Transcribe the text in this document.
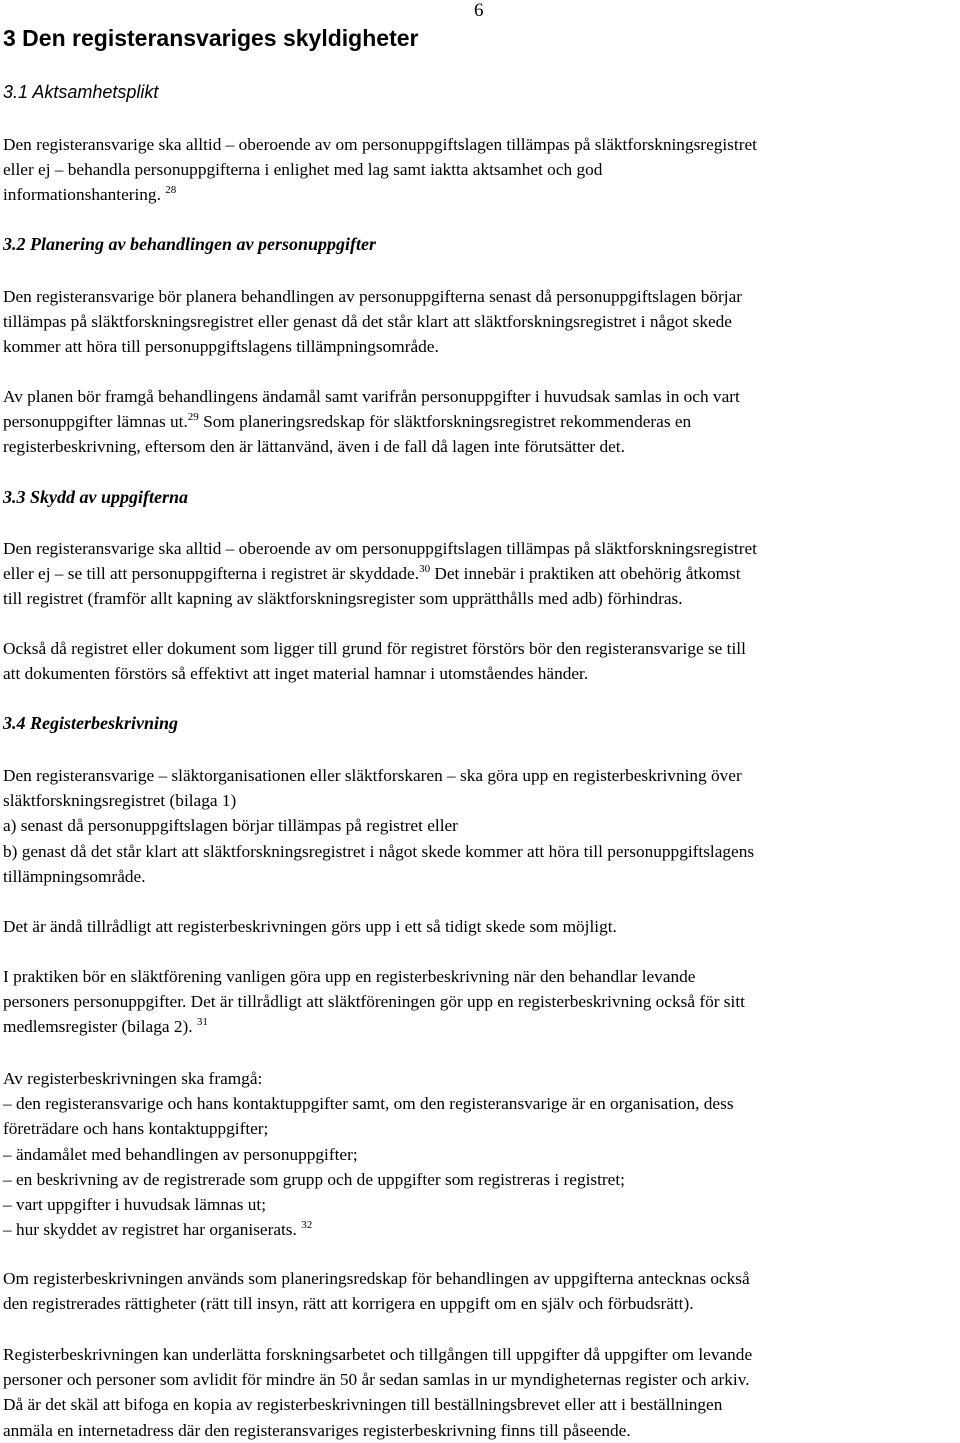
6
3 Den registeransvariges skyldigheter
3.1 Aktsamhetsplikt

Den registeransvarige ska alltid – oberoende av om personuppgiftslagen tillämpas på släktforskningsregistret
eller ej – behandla personuppgifterna i enlighet med lag samt iaktta aktsamhet och god
informationshantering. $^{28}$

3.2 Planering av behandlingen av personuppgifter

Den registeransvarige bör planera behandlingen av personuppgifterna senast då personuppgiftslagen börjar
tillämpas på släktforskningsregistret eller genast då det står klart att släktforskningsregistret i något skede
kommer att höra till personuppgiftslagens tillämpningsområde.

Av planen bör framgå behandlingens ändamål samt varifrån personuppgifter i huvudsak samlas in och vart
personuppgifter lämnas ut.$^{29}$ Som planeringsredskap för släktforskningsregistret rekommenderas en
registerbeskrivning, eftersom den är lättanvänd, även i de fall då lagen inte förutsätter det.

3.3 Skydd av uppgifterna

Den registeransvarige ska alltid – oberoende av om personuppgiftslagen tillämpas på släktforskningsregistret
eller ej – se till att personuppgifterna i registret är skyddade.$^{30}$ Det innebär i praktiken att obehörig åtkomst
till registret (framför allt kapning av släktforskningsregister som upprätthålls med adb) förhindras.

Också då registret eller dokument som ligger till grund för registret förstörs bör den registeransvarige se till
att dokumenten förstörs så effektivt att inget material hamnar i utomståendes händer.

3.4 Registerbeskrivning

Den registeransvarige – släktorganisationen eller släktforskaren – ska göra upp en registerbeskrivning över
släktforskningsregistret (bilaga 1)
a) senast då personuppgiftslagen börjar tillämpas på registret eller
b) genast då det står klart att släktforskningsregistret i något skede kommer att höra till personuppgiftslagens
tillämpningsområde.

Det är ändå tillrådligt att registerbeskrivningen görs upp i ett så tidigt skede som möjligt.

I praktiken bör en släktförening vanligen göra upp en registerbeskrivning när den behandlar levande
personers personuppgifter. Det är tillrådligt att släktföreningen gör upp en registerbeskrivning också för sitt
medlemsregister (bilaga 2). $^{31}$

Av registerbeskrivningen ska framgå:
– den registeransvarige och hans kontaktuppgifter samt, om den registeransvarige är en organisation, dess
företrädare och hans kontaktuppgifter;
– ändamålet med behandlingen av personuppgifter;
– en beskrivning av de registrerade som grupp och de uppgifter som registreras i registret;
– vart uppgifter i huvudsak lämnas ut;
– hur skyddet av registret har organiserats. $^{32}$

Om registerbeskrivningen används som planeringsredskap för behandlingen av uppgifterna antecknas också
den registrerades rättigheter (rätt till insyn, rätt att korrigera en uppgift om en själv och förbudsrätt).

Registerbeskrivningen kan underlätta forskningsarbetet och tillgången till uppgifter då uppgifter om levande
personer och personer som avlidit för mindre än 50 år sedan samlas in ur myndigheternas register och arkiv.
Då är det skäl att bifoga en kopia av registerbeskrivningen till beställningsbrevet eller att i beställningen
anmäla en internetadress där den registeransvariges registerbeskrivning finns till påseende.
